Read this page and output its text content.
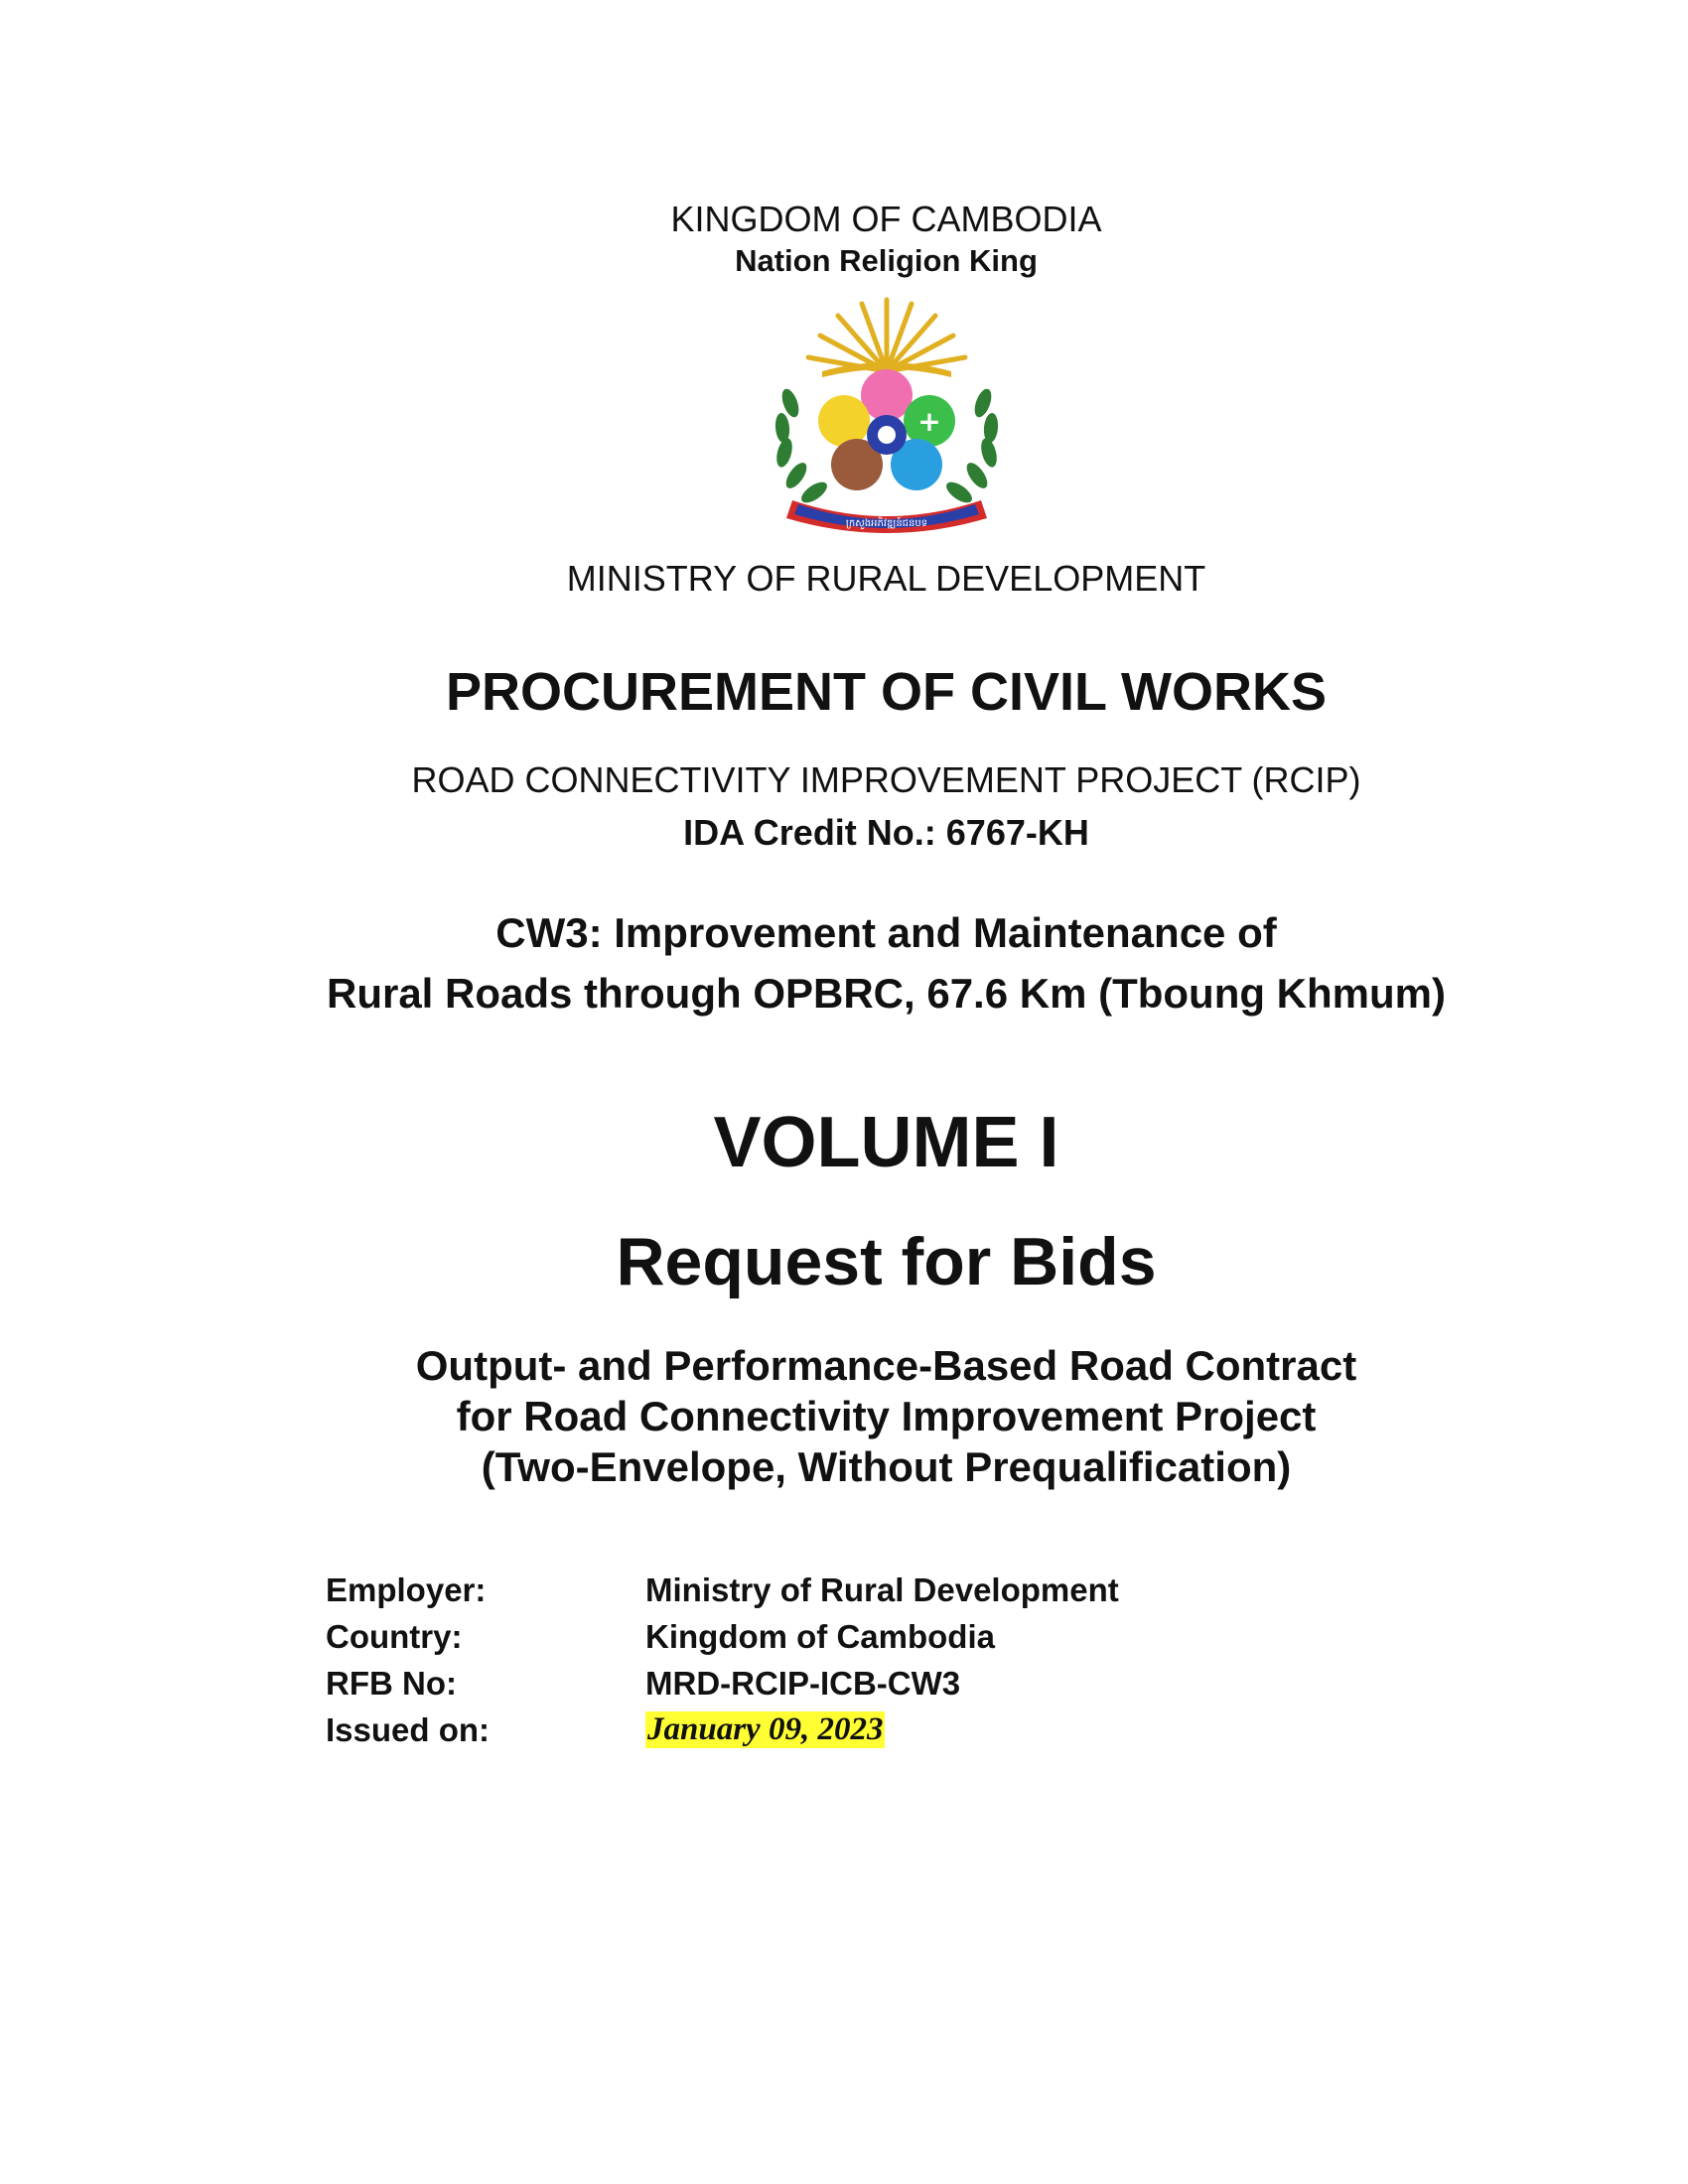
KINGDOM OF CAMBODIA
Nation Religion King
+
ក្រសួងអភិវឌ្ឍន៍ជនបទ
MINISTRY OF RURAL DEVELOPMENT
PROCUREMENT OF CIVIL WORKS
ROAD CONNECTIVITY IMPROVEMENT PROJECT (RCIP)
IDA Credit No.: 6767-KH
CW3: Improvement and Maintenance of
Rural Roads through OPBRC, 67.6 Km (Tboung Khmum)
VOLUME I
Request for Bids
Output- and Performance-Based Road Contract
for Road Connectivity Improvement Project
(Two-Envelope, Without Prequalification)
Employer:	Ministry of Rural Development
Country:	Kingdom of Cambodia
RFB No:	MRD-RCIP-ICB-CW3
Issued on:	January 09, 2023
